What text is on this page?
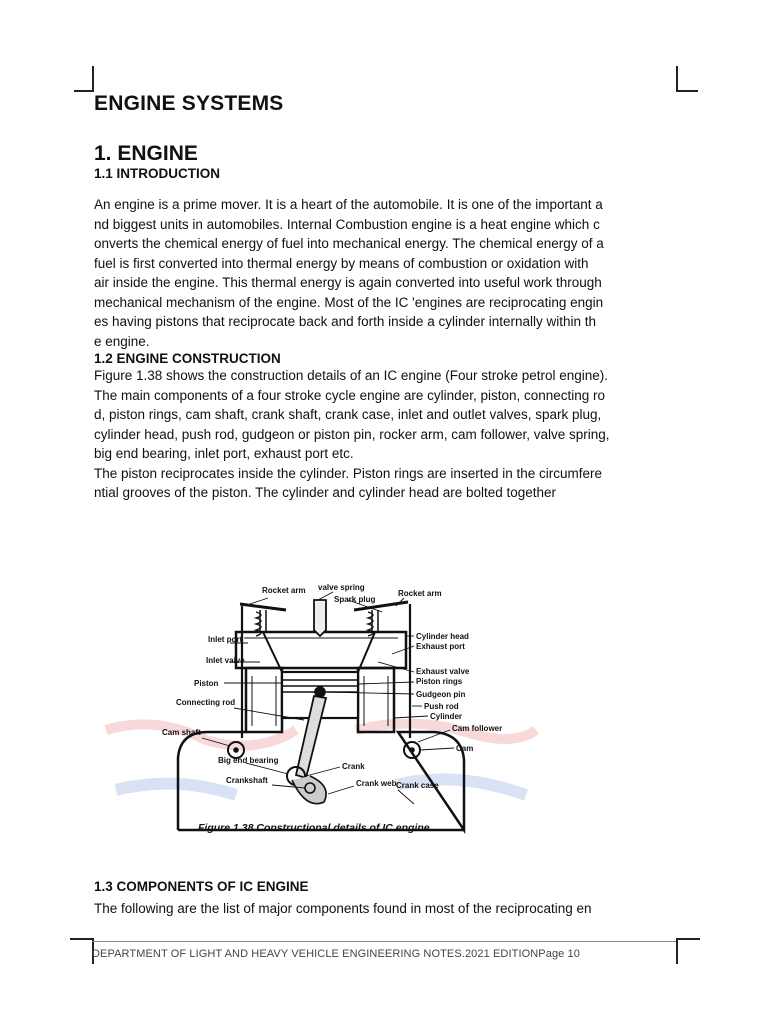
ENGINE SYSTEMS
1. ENGINE
1.1 INTRODUCTION

An engine is a prime mover. It is a heart of the automobile. It is one of the important a

nd biggest units in automobiles. Internal Combustion engine is a heat engine which c

onverts the chemical energy of fuel into mechanical energy. The chemical energy of a

fuel is first converted into thermal energy by means of combustion or oxidation with

air inside the engine. This thermal energy is again converted into useful work through

mechanical mechanism of the engine. Most of the IC 'engines are reciprocating engin

es having pistons that reciprocate back and forth inside a cylinder internally within th

e engine.

1.2 ENGINE CONSTRUCTION

Figure 1.38 shows the construction details of an IC engine (Four stroke petrol engine).

The main components of a four stroke cycle engine are cylinder, piston, connecting ro

d, piston rings, cam shaft, crank shaft, crank case, inlet and outlet valves, spark plug,

cylinder head, push rod, gudgeon or piston pin, rocker arm, cam follower, valve spring,

big end bearing, inlet port, exhaust port etc.

The piston reciprocates inside the cylinder. Piston rings are inserted in the circumfere

ntial grooves of the piston. The cylinder and cylinder head are bolted together

Rocket arm valve spring
Spark plug
Rocket arm
Inlet port
Inlet valve
Piston
Connecting rod
Cam shaft
Big end bearing
Crankshaft
Cylinder head
Exhaust port
Exhaust valve
Piston rings
Gudgeon pin
Push rod
Cylinder
Cam follower
Cam
Crank
Crank web Crank case
Figure 1.38 Constructional details of IC engine
1.3 COMPONENTS OF IC ENGINE

The following are the list of major components found in most of the reciprocating en

DEPARTMENT OF LIGHT AND HEAVY VEHICLE ENGINEERING NOTES.2021 EDITIONPage 10
